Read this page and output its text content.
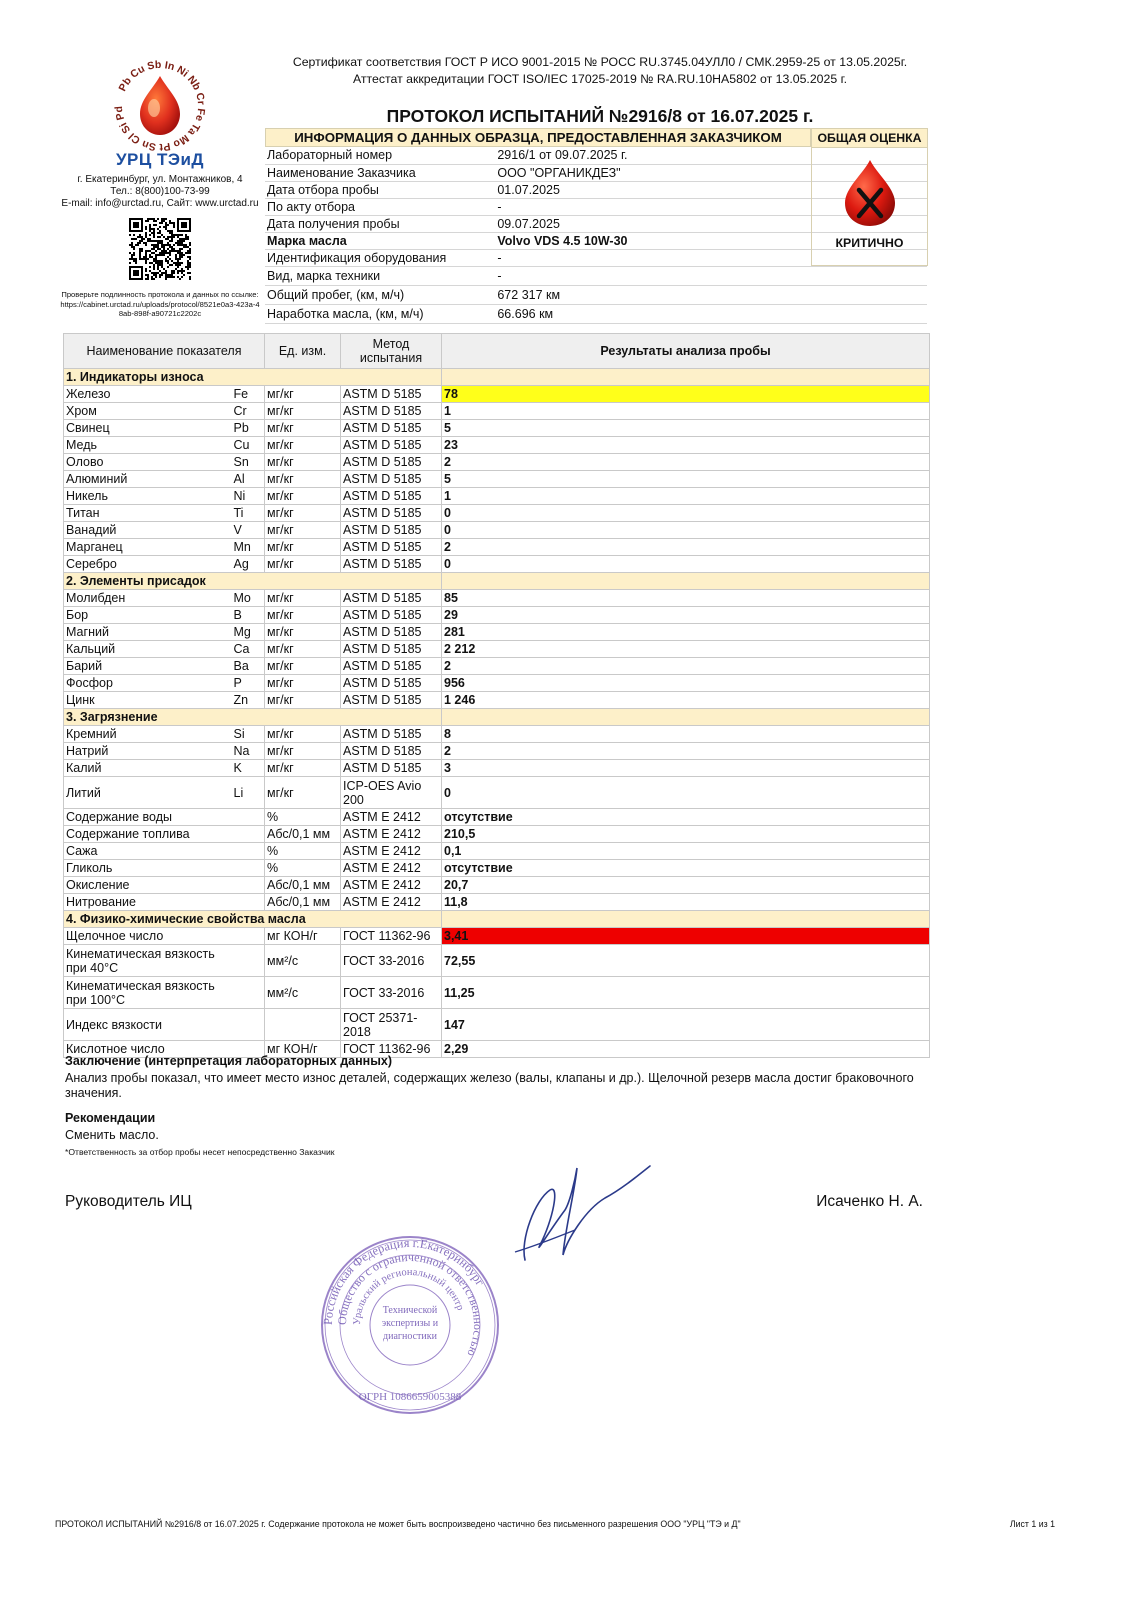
Pb Cu Sb In Ni Nb Cr Fe Ta Mo Pt Sn Cl Si Pd
УРЦ ТЭиД
г. Екатеринбург, ул. Монтажников, 4
Тел.: 8(800)100-73-99
E-mail: info@urctad.ru, Сайт: www.urctad.ru
Проверьте подлинность протокола и данных по ссылке:
https://cabinet.urctad.ru/uploads/protocol/8521e0a3-423a-48ab-898f-a90721c2202c
Сертификат соответствия ГОСТ Р ИСО 9001-2015 № РОСС RU.3745.04УЛЛ0 / СМК.2959-25 от 13.05.2025г.
Аттестат аккредитации ГОСТ ISO/IEC 17025-2019 № RA.RU.10НА5802 от 13.05.2025 г.
ПРОТОКОЛ ИСПЫТАНИЙ №2916/8 от 16.07.2025 г.
ИНФОРМАЦИЯ О ДАННЫХ ОБРАЗЦА, ПРЕДОСТАВЛЕННАЯ ЗАКАЗЧИКОМ
Лабораторный номер	2916/1 от 09.07.2025 г.
Наименование Заказчика	ООО "ОРГАНИКДЕЗ"
Дата отбора пробы	01.07.2025
По акту отбора	-
Дата получения пробы	09.07.2025
Марка масла	Volvo VDS 4.5 10W-30
Идентификация оборудования	-
Вид, марка техники	-
Общий пробег, (км, м/ч)	672 317 км
Наработка масла, (км, м/ч)	66.696 км
ОБЩАЯ ОЦЕНКА
КРИТИЧНО
Наименование показателя		Ед. изм.	Метод испытания	Результаты анализа пробы
1. Индикаторы износа				
Железо	Fe	мг/кг	ASTM D 5185	78
Хром	Cr	мг/кг	ASTM D 5185	1
Свинец	Pb	мг/кг	ASTM D 5185	5
Медь	Cu	мг/кг	ASTM D 5185	23
Олово	Sn	мг/кг	ASTM D 5185	2
Алюминий	Al	мг/кг	ASTM D 5185	5
Никель	Ni	мг/кг	ASTM D 5185	1
Титан	Ti	мг/кг	ASTM D 5185	0
Ванадий	V	мг/кг	ASTM D 5185	0
Марганец	Mn	мг/кг	ASTM D 5185	2
Серебро	Ag	мг/кг	ASTM D 5185	0
2. Элементы присадок				
Молибден	Mo	мг/кг	ASTM D 5185	85
Бор	B	мг/кг	ASTM D 5185	29
Магний	Mg	мг/кг	ASTM D 5185	281
Кальций	Ca	мг/кг	ASTM D 5185	2 212
Барий	Ba	мг/кг	ASTM D 5185	2
Фосфор	P	мг/кг	ASTM D 5185	956
Цинк	Zn	мг/кг	ASTM D 5185	1 246
3. Загрязнение				
Кремний	Si	мг/кг	ASTM D 5185	8
Натрий	Na	мг/кг	ASTM D 5185	2
Калий	K	мг/кг	ASTM D 5185	3
Литий	Li	мг/кг	ICP-OES Avio 200	0
Содержание воды		%	ASTM E 2412	отсутствие
Содержание топлива		Абс/0,1 мм	ASTM E 2412	210,5
Сажа		%	ASTM E 2412	0,1
Гликоль		%	ASTM E 2412	отсутствие
Окисление		Абс/0,1 мм	ASTM E 2412	20,7
Нитрование		Абс/0,1 мм	ASTM E 2412	11,8
4. Физико-химические свойства масла				
Щелочное число		мг КОН/г	ГОСТ 11362-96	3,41
Кинематическая вязкость при 40°С		мм²/с	ГОСТ 33-2016	72,55
Кинематическая вязкость при 100°С		мм²/с	ГОСТ 33-2016	11,25
Индекс вязкости			ГОСТ 25371-2018	147
Кислотное число		мг КОН/г	ГОСТ 11362-96	2,29
Заключение (интерпретация лабораторных данных)
Анализ пробы показал, что имеет место износ деталей, содержащих железо (валы, клапаны и др.). Щелочной резерв масла достиг браковочного значения.
Рекомендации
Сменить масло.
*Ответственность за отбор пробы несет непосредственно Заказчик
Руководитель ИЦ	Исаченко Н. А.
Российская Федерация г.Екатеринбург
Общество с ограниченной ответственностью
Уральский региональный центр
ОГРН 1086659005388
Технической экспертизы и диагностики
ПРОТОКОЛ ИСПЫТАНИЙ №2916/8 от 16.07.2025 г. Содержание протокола не может быть воспроизведено частично без письменного разрешения ООО "УРЦ "ТЭ и Д"	Лист 1 из 1
